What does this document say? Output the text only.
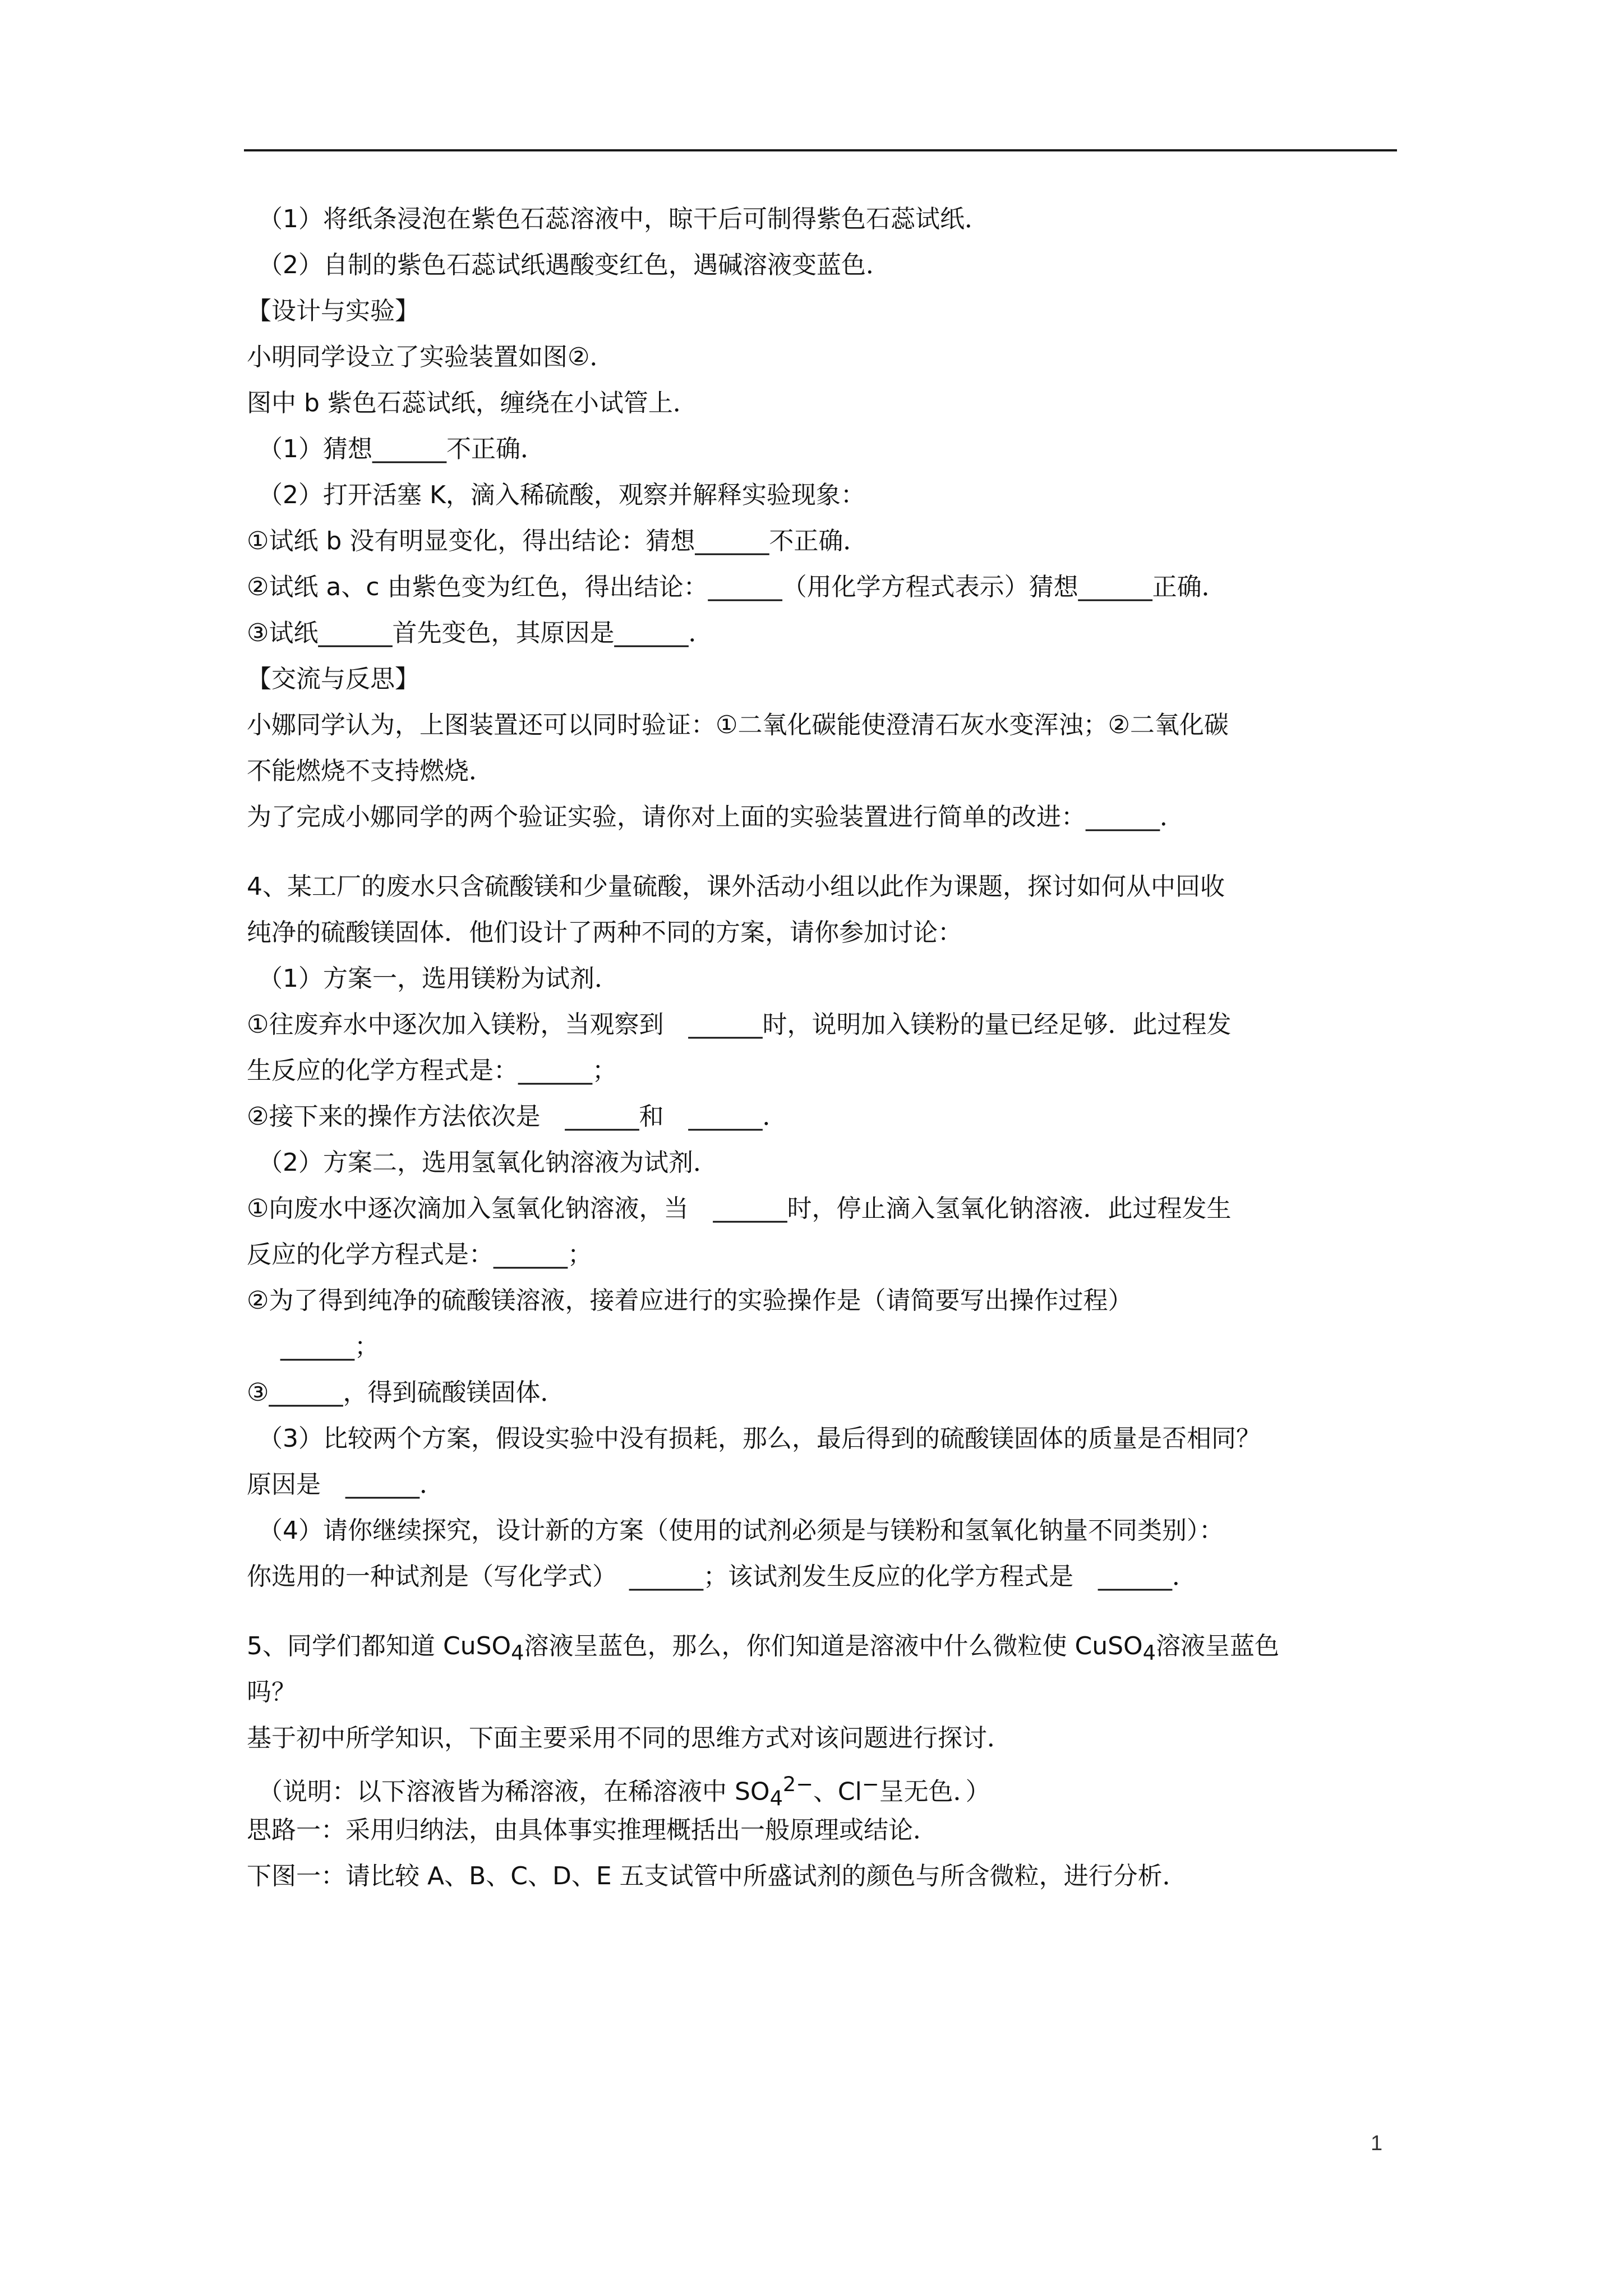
（1）将纸条浸泡在紫色石蕊溶液中，晾干后可制得紫色石蕊试纸．
（2）自制的紫色石蕊试纸遇酸变红色，遇碱溶液变蓝色．
【设计与实验】
小明同学设立了实验装置如图②．
图中 b 紫色石蕊试纸，缠绕在小试管上．
（1）猜想______不正确．
（2）打开活塞 K，滴入稀硫酸，观察并解释实验现象：
①试纸 b 没有明显变化，得出结论：猜想______不正确．
②试纸 a、c 由紫色变为红色，得出结论：______（用化学方程式表示）猜想______正确．
③试纸______首先变色，其原因是______．
【交流与反思】
小娜同学认为，上图装置还可以同时验证：①二氧化碳能使澄清石灰水变浑浊；②二氧化碳
不能燃烧不支持燃烧．
为了完成小娜同学的两个验证实验，请你对上面的实验装置进行简单的改进：______．
4、某工厂的废水只含硫酸镁和少量硫酸，课外活动小组以此作为课题，探讨如何从中回收
纯净的硫酸镁固体．他们设计了两种不同的方案，请你参加讨论：
（1）方案一，选用镁粉为试剂．
①往废弃水中逐次加入镁粉，当观察到　______时，说明加入镁粉的量已经足够．此过程发
生反应的化学方程式是：______；
②接下来的操作方法依次是　______和　______．
（2）方案二，选用氢氧化钠溶液为试剂．
①向废水中逐次滴加入氢氧化钠溶液，当　______时，停止滴入氢氧化钠溶液．此过程发生
反应的化学方程式是：______；
②为了得到纯净的硫酸镁溶液，接着应进行的实验操作是（请简要写出操作过程）
______；
③______，得到硫酸镁固体．
（3）比较两个方案，假设实验中没有损耗，那么，最后得到的硫酸镁固体的质量是否相同？
原因是　______．
（4）请你继续探究，设计新的方案（使用的试剂必须是与镁粉和氢氧化钠量不同类别）：
你选用的一种试剂是（写化学式）　______；该试剂发生反应的化学方程式是　______．
5、同学们都知道 CuSO$_4$溶液呈蓝色，那么，你们知道是溶液中什么微粒使 CuSO$_4$溶液呈蓝色
吗？
基于初中所学知识，下面主要采用不同的思维方式对该问题进行探讨．
（说明：以下溶液皆为稀溶液，在稀溶液中 $SO_4^{2-}$、Cl−呈无色．）
思路一：采用归纳法，由具体事实推理概括出一般原理或结论．
下图一：请比较 A、B、C、D、E 五支试管中所盛试剂的颜色与所含微粒，进行分析．
1
